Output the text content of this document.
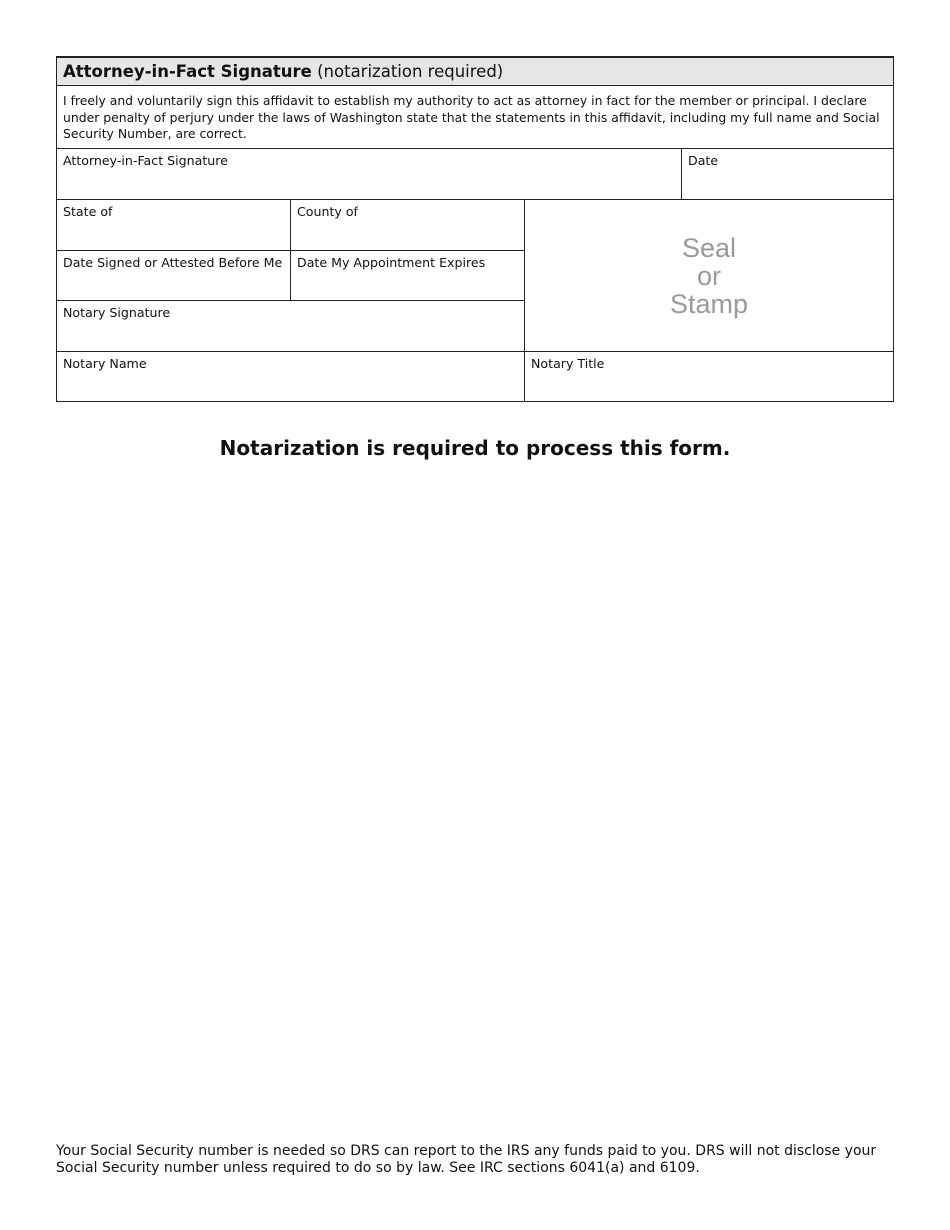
Attorney-in-Fact Signature (notarization required)
I freely and voluntarily sign this affidavit to establish my authority to act as attorney in fact for the member or principal. I declare under penalty of perjury under the laws of Washington state that the statements in this affidavit, including my full name and Social Security Number, are correct.
Attorney-in-Fact Signature	Date
State of	County of
Seal
or
Stamp
Date Signed or Attested Before Me	Date My Appointment Expires
Notary Signature
Notary Name	Notary Title
Notarization is required to process this form.
Your Social Security number is needed so DRS can report to the IRS any funds paid to you. DRS will not disclose your Social Security number unless required to do so by law. See IRC sections 6041(a) and 6109.
